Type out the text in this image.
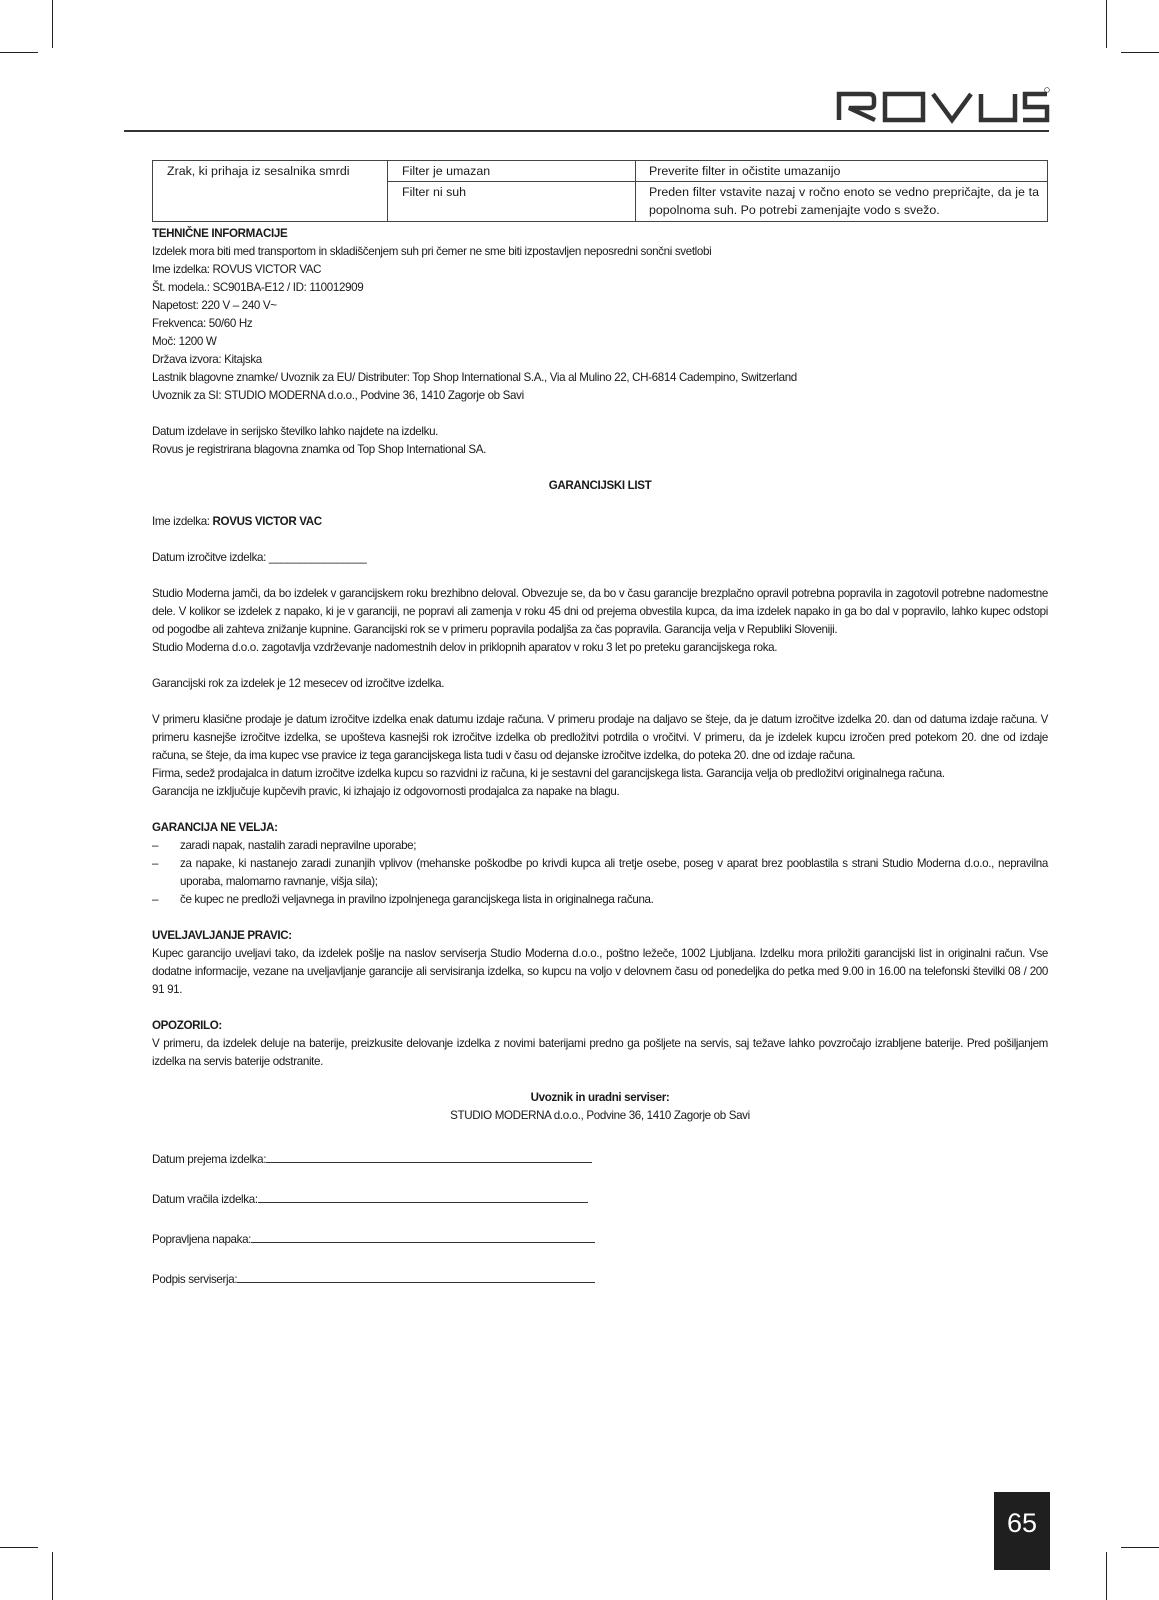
Zrak, ki prihaja iz sesalnika smrdi	Filter je umazan	Preverite filter in očistite umazanijo
	Filter ni suh	Preden filter vstavite nazaj v ročno enoto se vedno prepričajte, da je ta popolnoma suh. Po potrebi zamenjajte vodo s svežo.
TEHNIČNE INFORMACIJE
Izdelek mora biti med transportom in skladiščenjem suh pri čemer ne sme biti izpostavljen neposredni sončni svetlobi
Ime izdelka: ROVUS VICTOR VAC
Št. modela.: SC901BA-E12 / ID: 110012909
Napetost: 220 V – 240 V~
Frekvenca: 50/60 Hz
Moč: 1200 W
Država izvora: Kitajska
Lastnik blagovne znamke/ Uvoznik za EU/ Distributer: Top Shop International S.A., Via al Mulino 22, CH-6814 Cadempino, Switzerland
Uvoznik za SI: STUDIO MODERNA d.o.o., Podvine 36, 1410 Zagorje ob Savi
Datum izdelave in serijsko številko lahko najdete na izdelku.
Rovus je registrirana blagovna znamka od Top Shop International SA.
GARANCIJSKI LIST
Ime izdelka: ROVUS VICTOR VAC
Datum izročitve izdelka: ________________

Studio Moderna jamči, da bo izdelek v garancijskem roku brezhibno deloval. Obvezuje se, da bo v času garancije brezplačno opravil potrebna popravila in zagotovil potrebne nadomestne dele. V kolikor se izdelek z napako, ki je v garanciji, ne popravi ali zamenja v roku 45 dni od prejema obvestila kupca, da ima izdelek napako in ga bo dal v popravilo, lahko kupec odstopi od pogodbe ali zahteva znižanje kupnine. Garancijski rok se v primeru popravila podaljša za čas popravila. Garancija velja v Republiki Sloveniji.

Studio Moderna d.o.o. zagotavlja vzdrževanje nadomestnih delov in priklopnih aparatov v roku 3 let po preteku garancijskega roka.

Garancijski rok za izdelek je 12 mesecev od izročitve izdelka.

V primeru klasične prodaje je datum izročitve izdelka enak datumu izdaje računa. V primeru prodaje na daljavo se šteje, da je datum izročitve izdelka 20. dan od datuma izdaje računa. V primeru kasnejše izročitve izdelka, se upošteva kasnejši rok izročitve izdelka ob predložitvi potrdila o vročitvi. V primeru, da je izdelek kupcu izročen pred potekom 20. dne od izdaje računa, se šteje, da ima kupec vse pravice iz tega garancijskega lista tudi v času od dejanske izročitve izdelka, do poteka 20. dne od izdaje računa.

Firma, sedež prodajalca in datum izročitve izdelka kupcu so razvidni iz računa, ki je sestavni del garancijskega lista. Garancija velja ob predložitvi originalnega računa.

Garancija ne izključuje kupčevih pravic, ki izhajajo iz odgovornosti prodajalca za napake na blagu.

GARANCIJA NE VELJA:
– zaradi napak, nastalih zaradi nepravilne uporabe;
– za napake, ki nastanejo zaradi zunanjih vplivov (mehanske poškodbe po krivdi kupca ali tretje osebe, poseg v aparat brez pooblastila s strani Studio Moderna d.o.o., nepravilna uporaba, malomarno ravnanje, višja sila);
– če kupec ne predloži veljavnega in pravilno izpolnjenega garancijskega lista in originalnega računa.
UVELJAVLJANJE PRAVIC:

Kupec garancijo uveljavi tako, da izdelek pošlje na naslov serviserja Studio Moderna d.o.o., poštno ležeče, 1002 Ljubljana. Izdelku mora priložiti garancijski list in originalni račun. Vse dodatne informacije, vezane na uveljavljanje garancije ali servisiranja izdelka, so kupcu na voljo v delovnem času od ponedeljka do petka med 9.00 in 16.00 na telefonski številki 08 / 200 91 91.

OPOZORILO:

V primeru, da izdelek deluje na baterije, preizkusite delovanje izdelka z novimi baterijami predno ga pošljete na servis, saj težave lahko povzročajo izrabljene baterije. Pred pošiljanjem izdelka na servis baterije odstranite.

Uvoznik in uradni serviser:
STUDIO MODERNA d.o.o., Podvine 36, 1410 Zagorje ob Savi
Datum prejema izdelka:
Datum vračila izdelka:
Popravljena napaka:
Podpis serviserja:
65
